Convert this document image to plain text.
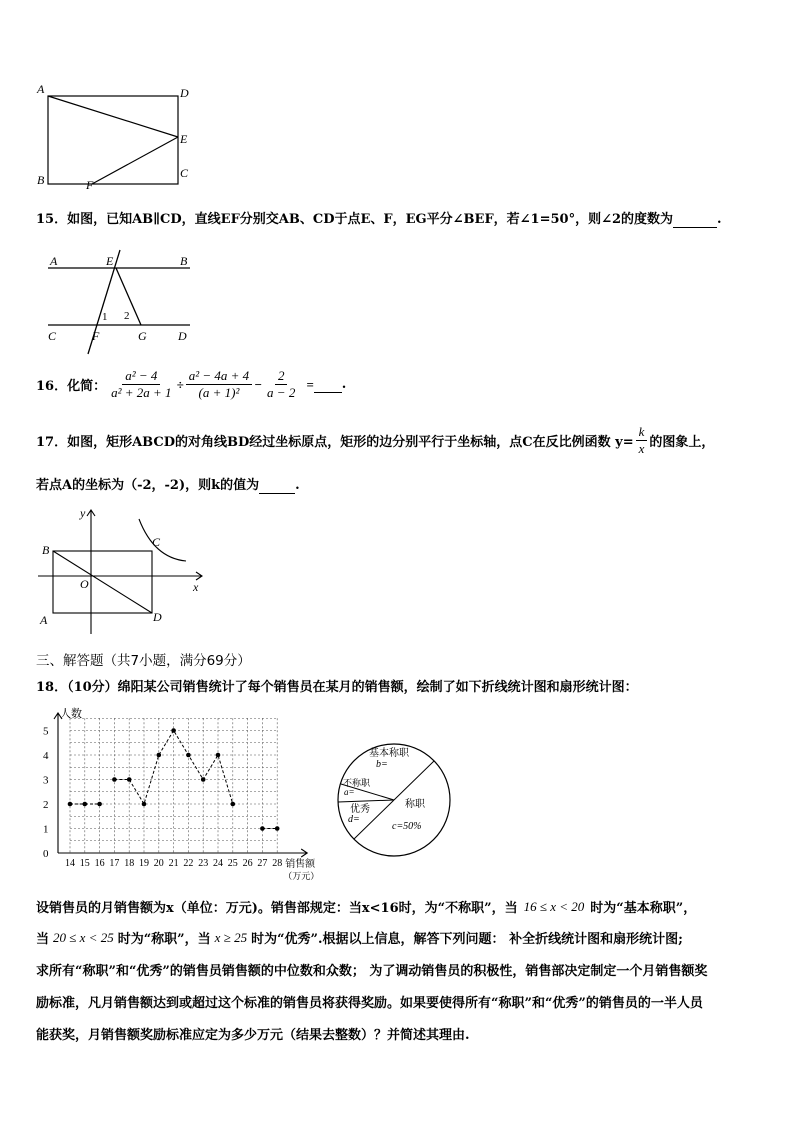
A	D
E
B	F
C
15．如图，已知AB∥CD，直线EF分别交AB、CD于点E、F，EG平分∠BEF，若∠1=50°，则∠2的度数为	.
A	E	B
C	F	G	D
1 2
16． 化简： $\frac{\text{a² − 4}}{\text{a² + 2a + 1}} \div \frac{\text{a² − 4a + 4}}{\text{(a + 1)²}} - \frac{2}{a - 2}$ =
.
17． 如图，矩形ABCD的对角线BD经过坐标原点，矩形的边分别平行于坐标轴，点C在反比例函数 $y= \frac{k}{x}$ 的图象上，
若点A的坐标为（-2，-2)，则k的值为	.
y
x
B
C
O
D
A
三、解答题（共7小题，满分69分）
18．（10分）绵阳某公司销售统计了每个销售员在某月的销售额，绘制了如下折线统计图和扇形统计图：
0
1
2
3
4
5
14 15 16 17 18 19 20 21 22 23 24 25 26 27 28
人数
销售额
（万元）
基本称职
b=
不称职
a=
优秀
d=
称职
c=50%
设销售员的月销售额为x（单位：万元)。销售部规定：当x<16时，为“不称职”，当 16 ≤ x < 20 时为“基本称职”，
当 20 ≤ x < 25 时为“称职”，当 x ≥ 25 时为“优秀”.根据以上信息，解答下列问题： 补全折线统计图和扇形统计图;
求所有“称职”和“优秀”的销售员销售额的中位数和众数； 为了调动销售员的积极性，销售部决定制定一个月销售额奖
励标准，凡月销售额达到或超过这个标准的销售员将获得奖励。如果要使得所有“称职”和“优秀”的销售员的一半人员
能获奖，月销售额奖励标准应定为多少万元（结果去整数）？并简述其理由.
